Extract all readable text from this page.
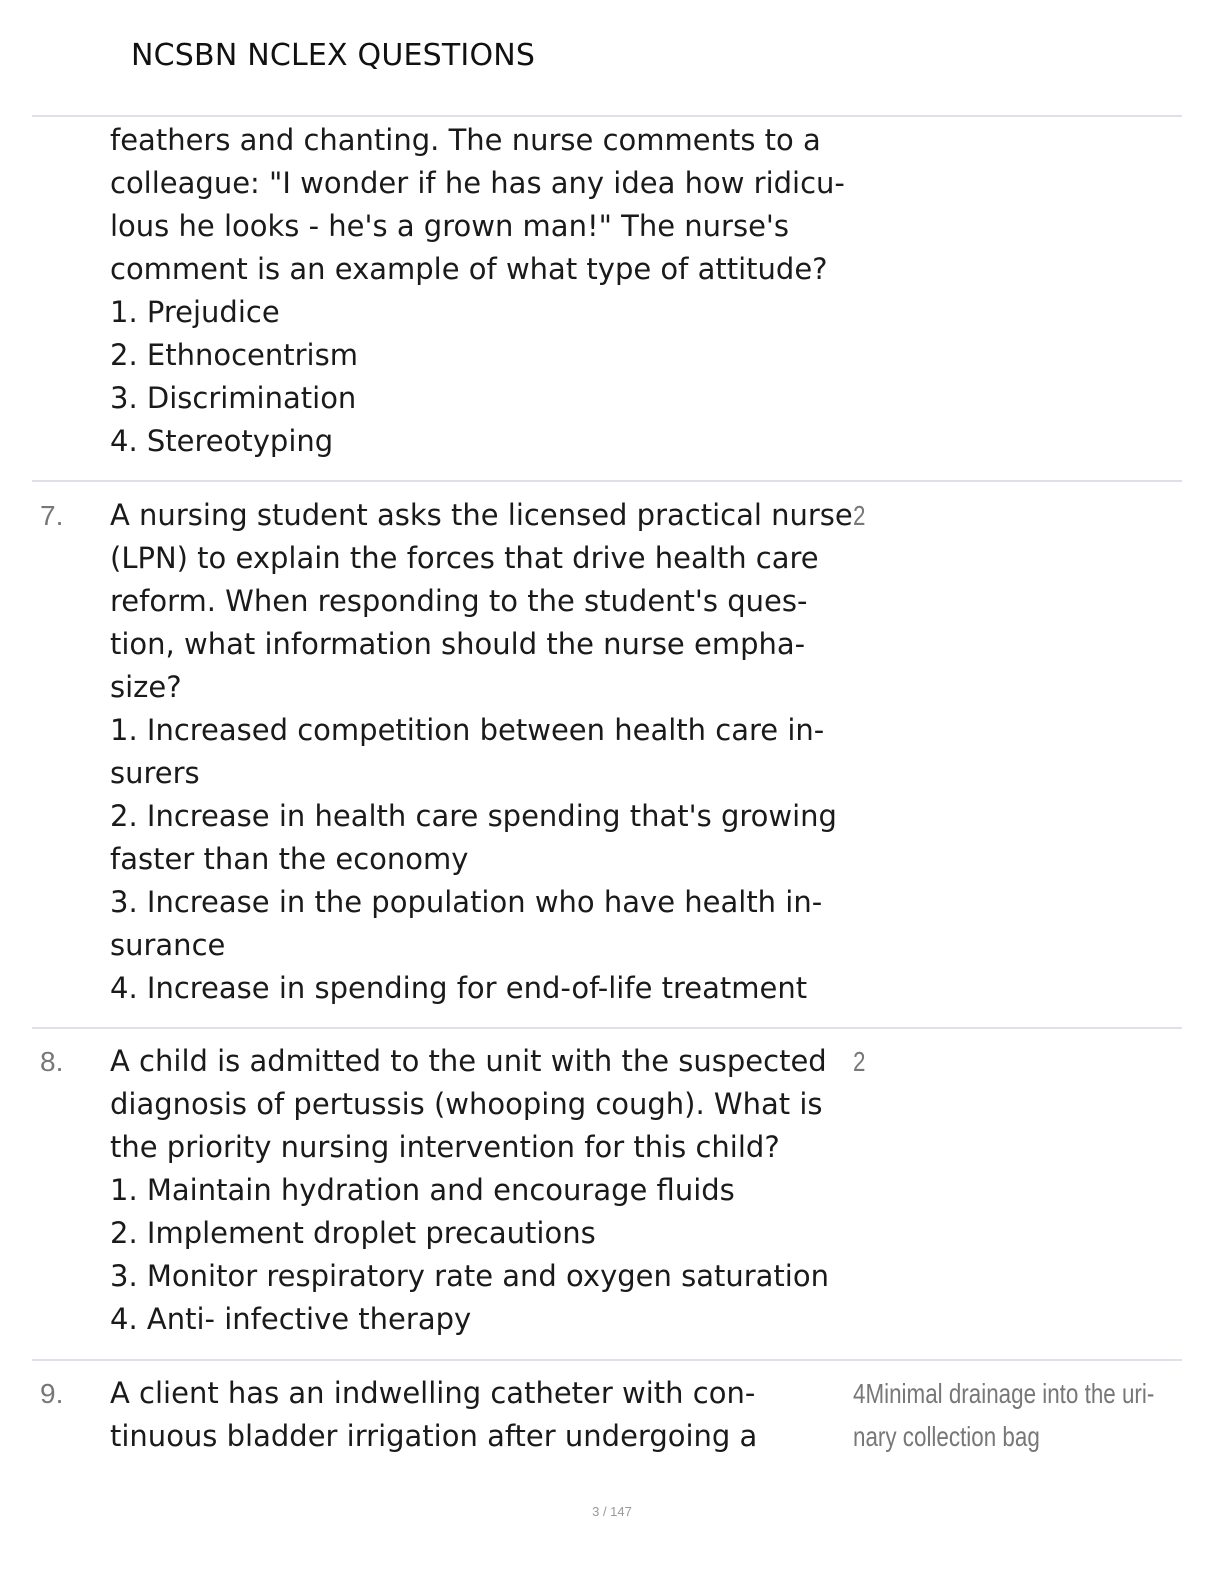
NCSBN NCLEX QUESTIONS
feathers and chanting. The nurse comments to a
colleague: "I wonder if he has any idea how ridicu-
lous he looks - he's a grown man!" The nurse's
comment is an example of what type of attitude?
1. Prejudice
2. Ethnocentrism
3. Discrimination
4. Stereotyping
7. A nursing student asks the licensed practical nurse
(LPN) to explain the forces that drive health care
reform. When responding to the student's ques-
tion, what information should the nurse empha-
size?
1. Increased competition between health care in-
surers
2. Increase in health care spending that's growing
faster than the economy
3. Increase in the population who have health in-
surance
4. Increase in spending for end-of-life treatment
2
8. A child is admitted to the unit with the suspected
diagnosis of pertussis (whooping cough). What is
the priority nursing intervention for this child?
1. Maintain hydration and encourage fluids
2. Implement droplet precautions
3. Monitor respiratory rate and oxygen saturation
4. Anti- infective therapy
2
9. A client has an indwelling catheter with con-
tinuous bladder irrigation after undergoing a
4Minimal drainage into the uri-
nary collection bag
3 / 147
